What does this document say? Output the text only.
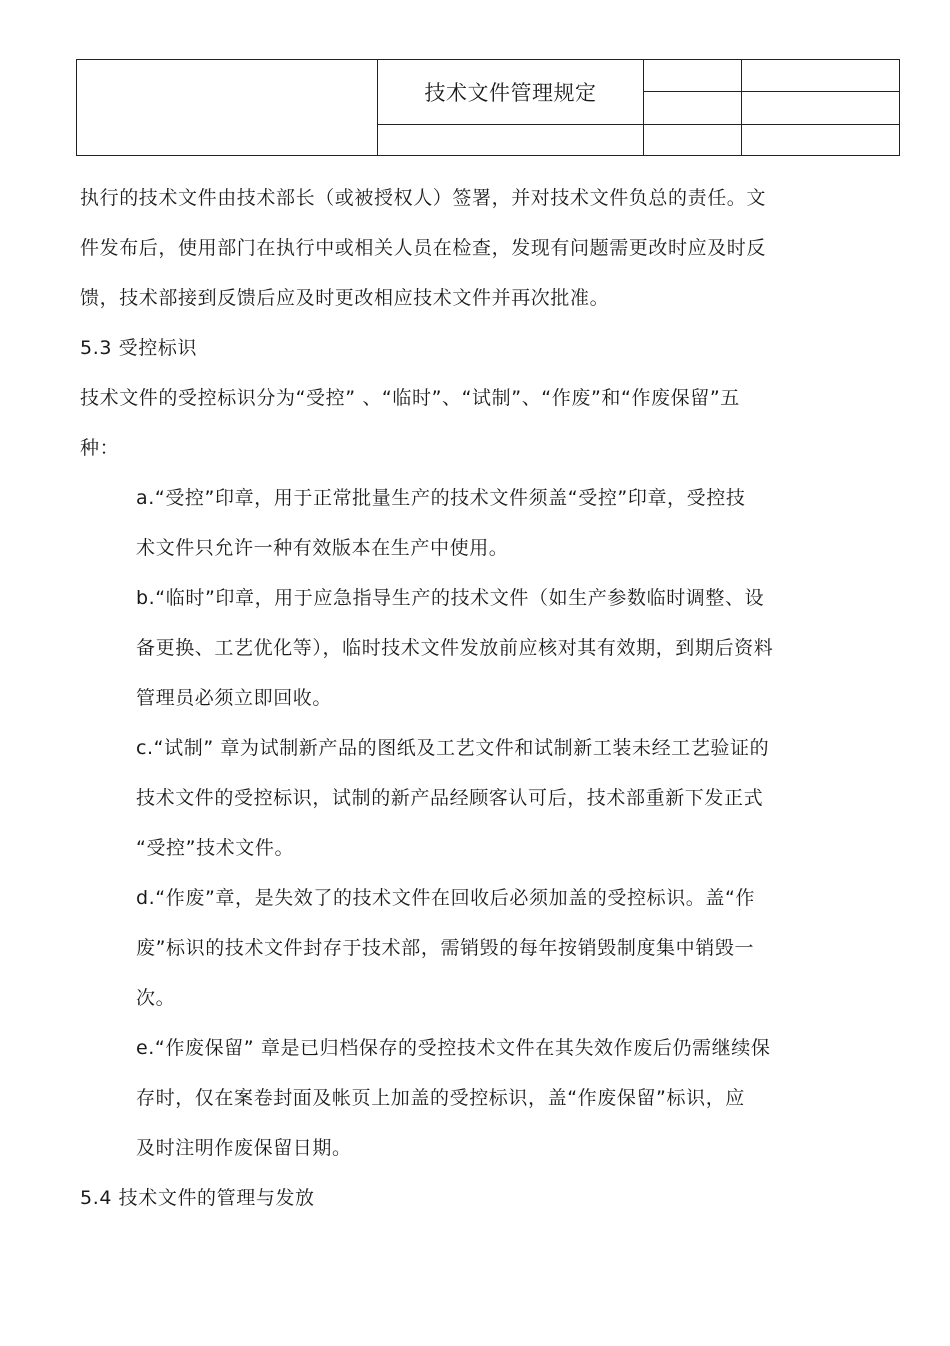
	技术文件管理规定		

执行的技术文件由技术部长（或被授权人）签署，并对技术文件负总的责任。文

件发布后，使用部门在执行中或相关人员在检查，发现有问题需更改时应及时反

馈，技术部接到反馈后应及时更改相应技术文件并再次批准。

5.3 受控标识

技术文件的受控标识分为“受控” 、“临时”、“试制”、“作废”和“作废保留”五

种：

a.“受控”印章，用于正常批量生产的技术文件须盖“受控”印章，受控技

术文件只允许一种有效版本在生产中使用。

b.“临时”印章，用于应急指导生产的技术文件（如生产参数临时调整、设

备更换、工艺优化等），临时技术文件发放前应核对其有效期，到期后资料

管理员必须立即回收。

c.“试制” 章为试制新产品的图纸及工艺文件和试制新工装未经工艺验证的

技术文件的受控标识，试制的新产品经顾客认可后，技术部重新下发正式

“受控”技术文件。

d.“作废”章，是失效了的技术文件在回收后必须加盖的受控标识。盖“作

废”标识的技术文件封存于技术部，需销毁的每年按销毁制度集中销毁一

次。

e.“作废保留” 章是已归档保存的受控技术文件在其失效作废后仍需继续保

存时，仅在案卷封面及帐页上加盖的受控标识，盖“作废保留”标识，应

及时注明作废保留日期。

5.4 技术文件的管理与发放
